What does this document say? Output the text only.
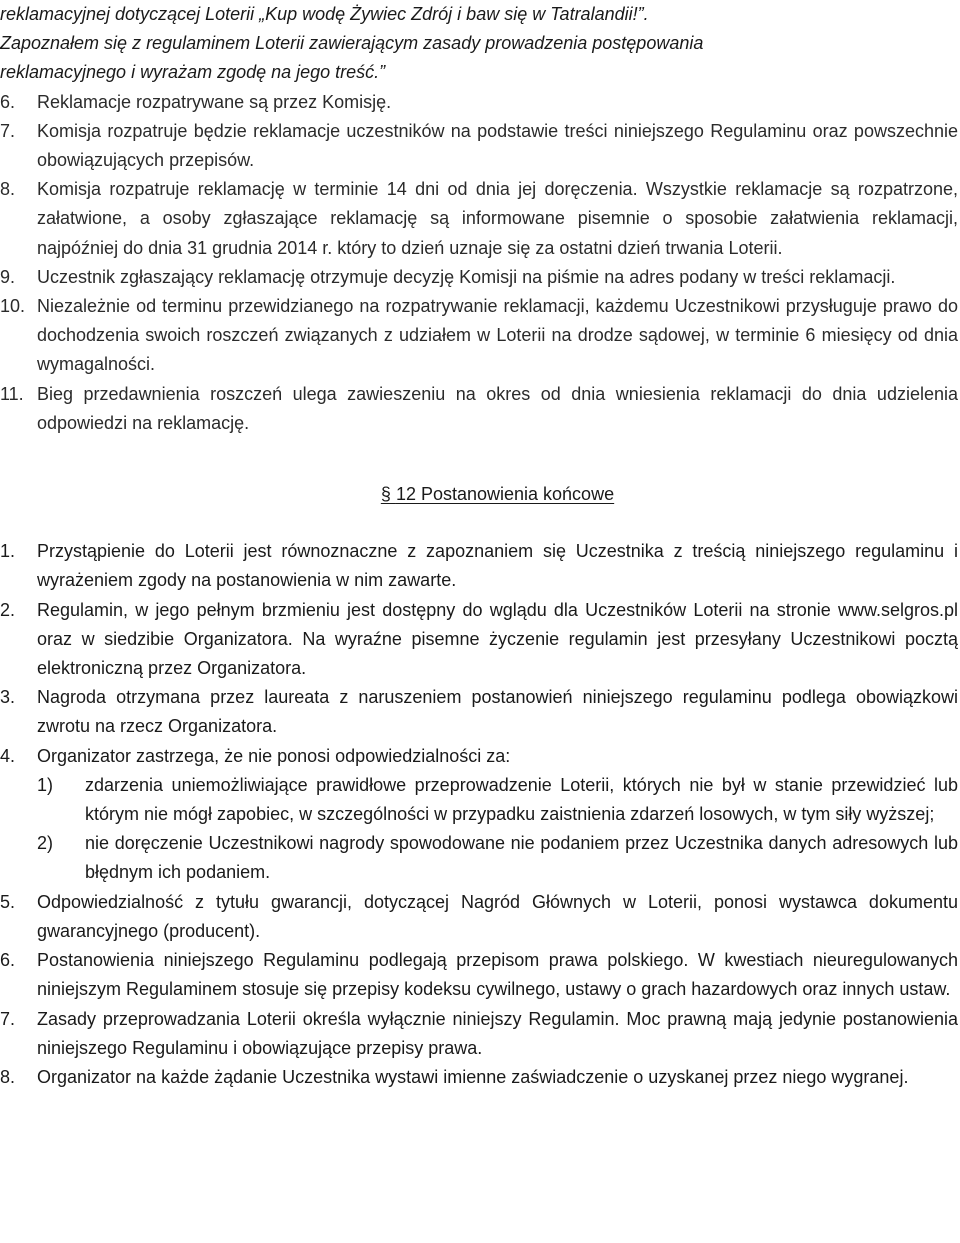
reklamacyjnej dotyczącej Loterii „Kup wodę Żywiec Zdrój i baw się w Tatralandii!”.
Zapoznałem się z regulaminem Loterii zawierającym zasady prowadzenia postępowania
reklamacyjnego i wyrażam zgodę na jego treść.”

6.	Reklamacje rozpatrywane są przez Komisję.
7.	Komisja rozpatruje będzie reklamacje uczestników na podstawie treści niniejszego Regulaminu oraz powszechnie obowiązujących przepisów.
8.	Komisja rozpatruje reklamację w terminie 14 dni od dnia jej doręczenia. Wszystkie reklamacje są rozpatrzone, załatwione, a osoby zgłaszające reklamację są informowane pisemnie o sposobie załatwienia reklamacji, najpóźniej do dnia 31 grudnia 2014 r. który to dzień uznaje się za ostatni dzień trwania Loterii.
9.	Uczestnik zgłaszający reklamację otrzymuje decyzję Komisji na piśmie na adres podany w treści reklamacji.
10. Niezależnie od terminu przewidzianego na rozpatrywanie reklamacji, każdemu Uczestnikowi przysługuje prawo do dochodzenia swoich roszczeń związanych z udziałem w Loterii na drodze sądowej, w terminie 6 miesięcy od dnia wymagalności.
11. Bieg przedawnienia roszczeń ulega zawieszeniu na okres od dnia wniesienia reklamacji do dnia udzielenia odpowiedzi na reklamację.
§ 12 Postanowienia końcowe
1.	Przystąpienie do Loterii jest równoznaczne z zapoznaniem się Uczestnika z treścią niniejszego regulaminu i wyrażeniem zgody na postanowienia w nim zawarte.
2.	Regulamin, w jego pełnym brzmieniu jest dostępny do wglądu dla Uczestników Loterii na stronie www.selgros.pl oraz w siedzibie Organizatora. Na wyraźne pisemne życzenie regulamin jest przesyłany Uczestnikowi pocztą elektroniczną przez Organizatora.
3.	Nagroda otrzymana przez laureata z naruszeniem postanowień niniejszego regulaminu podlega obowiązkowi zwrotu na rzecz Organizatora.
4.	Organizator zastrzega, że nie ponosi odpowiedzialności za:
1) zdarzenia uniemożliwiające prawidłowe przeprowadzenie Loterii, których nie był w stanie przewidzieć lub którym nie mógł zapobiec, w szczególności w przypadku zaistnienia zdarzeń losowych, w tym siły wyższej;
2) nie doręczenie Uczestnikowi nagrody spowodowane nie podaniem przez Uczestnika danych adresowych lub błędnym ich podaniem.
5.	Odpowiedzialność z tytułu gwarancji, dotyczącej Nagród Głównych w Loterii, ponosi wystawca dokumentu gwarancyjnego (producent).
6.	Postanowienia niniejszego Regulaminu podlegają przepisom prawa polskiego. W kwestiach nieuregulowanych niniejszym Regulaminem stosuje się przepisy kodeksu cywilnego, ustawy o grach hazardowych oraz innych ustaw.
7.	Zasady przeprowadzania Loterii określa wyłącznie niniejszy Regulamin. Moc prawną mają jedynie postanowienia niniejszego Regulaminu i obowiązujące przepisy prawa.
8.	Organizator na każde żądanie Uczestnika wystawi imienne zaświadczenie o uzyskanej przez niego wygranej.
